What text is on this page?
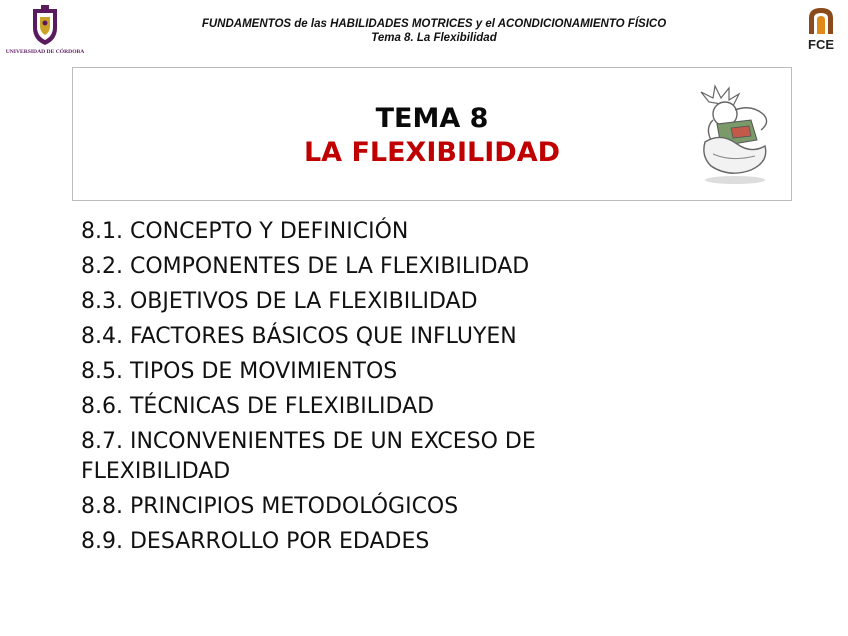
UNIVERSIDAD DE CÓRDOBA
FUNDAMENTOS de las HABILIDADES MOTRICES y el ACONDICIONAMIENTO FÍSICO
Tema 8. La Flexibilidad	FCE
TEMA 8
LA FLEXIBILIDAD
8.1. CONCEPTO Y DEFINICIÓN
8.2. COMPONENTES DE LA FLEXIBILIDAD
8.3. OBJETIVOS DE LA FLEXIBILIDAD
8.4. FACTORES BÁSICOS QUE INFLUYEN
8.5. TIPOS DE MOVIMIENTOS
8.6. TÉCNICAS DE FLEXIBILIDAD
8.7. INCONVENIENTES DE UN EXCESO DE FLEXIBILIDAD
8.8. PRINCIPIOS METODOLÓGICOS
8.9. DESARROLLO POR EDADES
